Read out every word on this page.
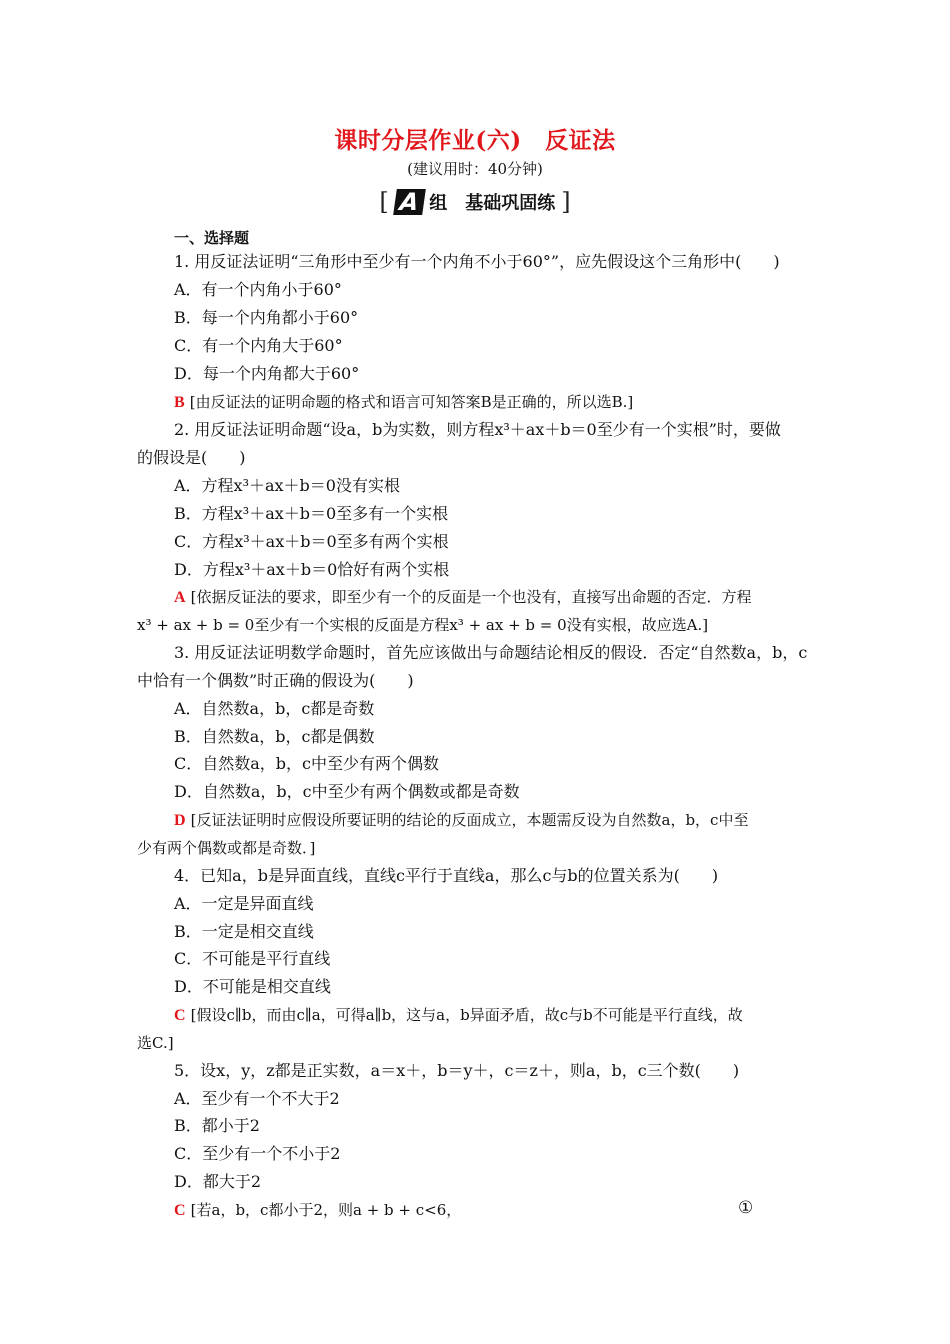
课时分层作业(六)　反证法
(建议用时：40分钟)
[ A 组　基础巩固练 ]
一、选择题
1. 用反证法证明“三角形中至少有一个内角不小于60°”，应先假设这个三角形中(　　)
A．有一个内角小于60°
B．每一个内角都小于60°
C．有一个内角大于60°
D．每一个内角都大于60°
B [由反证法的证明命题的格式和语言可知答案B是正确的，所以选B.]
2. 用反证法证明命题“设a，b为实数，则方程x³＋ax＋b＝0至少有一个实根”时，要做
的假设是(　　)
A．方程x³＋ax＋b＝0没有实根
B．方程x³＋ax＋b＝0至多有一个实根
C．方程x³＋ax＋b＝0至多有两个实根
D．方程x³＋ax＋b＝0恰好有两个实根
A [依据反证法的要求，即至少有一个的反面是一个也没有，直接写出命题的否定．方程
x³ + ax + b = 0至少有一个实根的反面是方程x³ + ax + b = 0没有实根，故应选A.]
3. 用反证法证明数学命题时，首先应该做出与命题结论相反的假设．否定“自然数a，b，c
中恰有一个偶数”时正确的假设为(　　)
A．自然数a，b，c都是奇数
B．自然数a，b，c都是偶数
C．自然数a，b，c中至少有两个偶数
D．自然数a，b，c中至少有两个偶数或都是奇数
D [反证法证明时应假设所要证明的结论的反面成立，本题需反设为自然数a，b，c中至
少有两个偶数或都是奇数．]
4．已知a，b是异面直线，直线c平行于直线a，那么c与b的位置关系为(　　)
A．一定是异面直线
B．一定是相交直线
C．不可能是平行直线
D．不可能是相交直线
C [假设c∥b，而由c∥a，可得a∥b，这与a，b异面矛盾，故c与b不可能是平行直线，故
选C.]
5．设x，y，z都是正实数，a＝x＋，b＝y＋，c＝z＋，则a，b，c三个数(　　)
A．至少有一个不大于2
B．都小于2
C．至少有一个不小于2
D．都大于2
C [若a，b，c都小于2，则a + b + c<6，	①
